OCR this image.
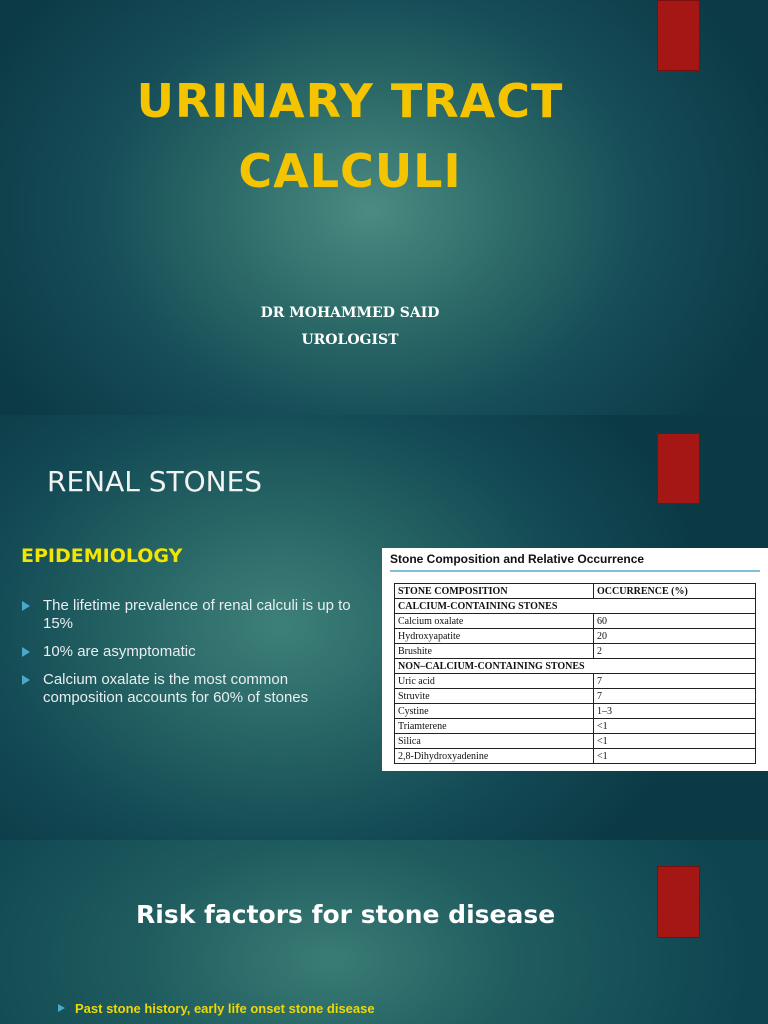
URINARY TRACT
CALCULI
DR MOHAMMED SAID
UROLOGIST
RENAL STONES
EPIDEMIOLOGY
The lifetime prevalence of renal calculi is up to 15%
10% are asymptomatic
Calcium oxalate is the most common composition accounts for 60% of stones
Stone Composition and Relative Occurrence
STONE COMPOSITION	OCCURRENCE (%)
CALCIUM-CONTAINING STONES	
Calcium oxalate	60
Hydroxyapatite	20
Brushite	2
NON–CALCIUM-CONTAINING STONES	
Uric acid	7
Struvite	7
Cystine	1–3
Triamterene	<1
Silica	<1
2,8-Dihydroxyadenine	<1
Risk factors for stone disease
Past stone history, early life onset stone disease
